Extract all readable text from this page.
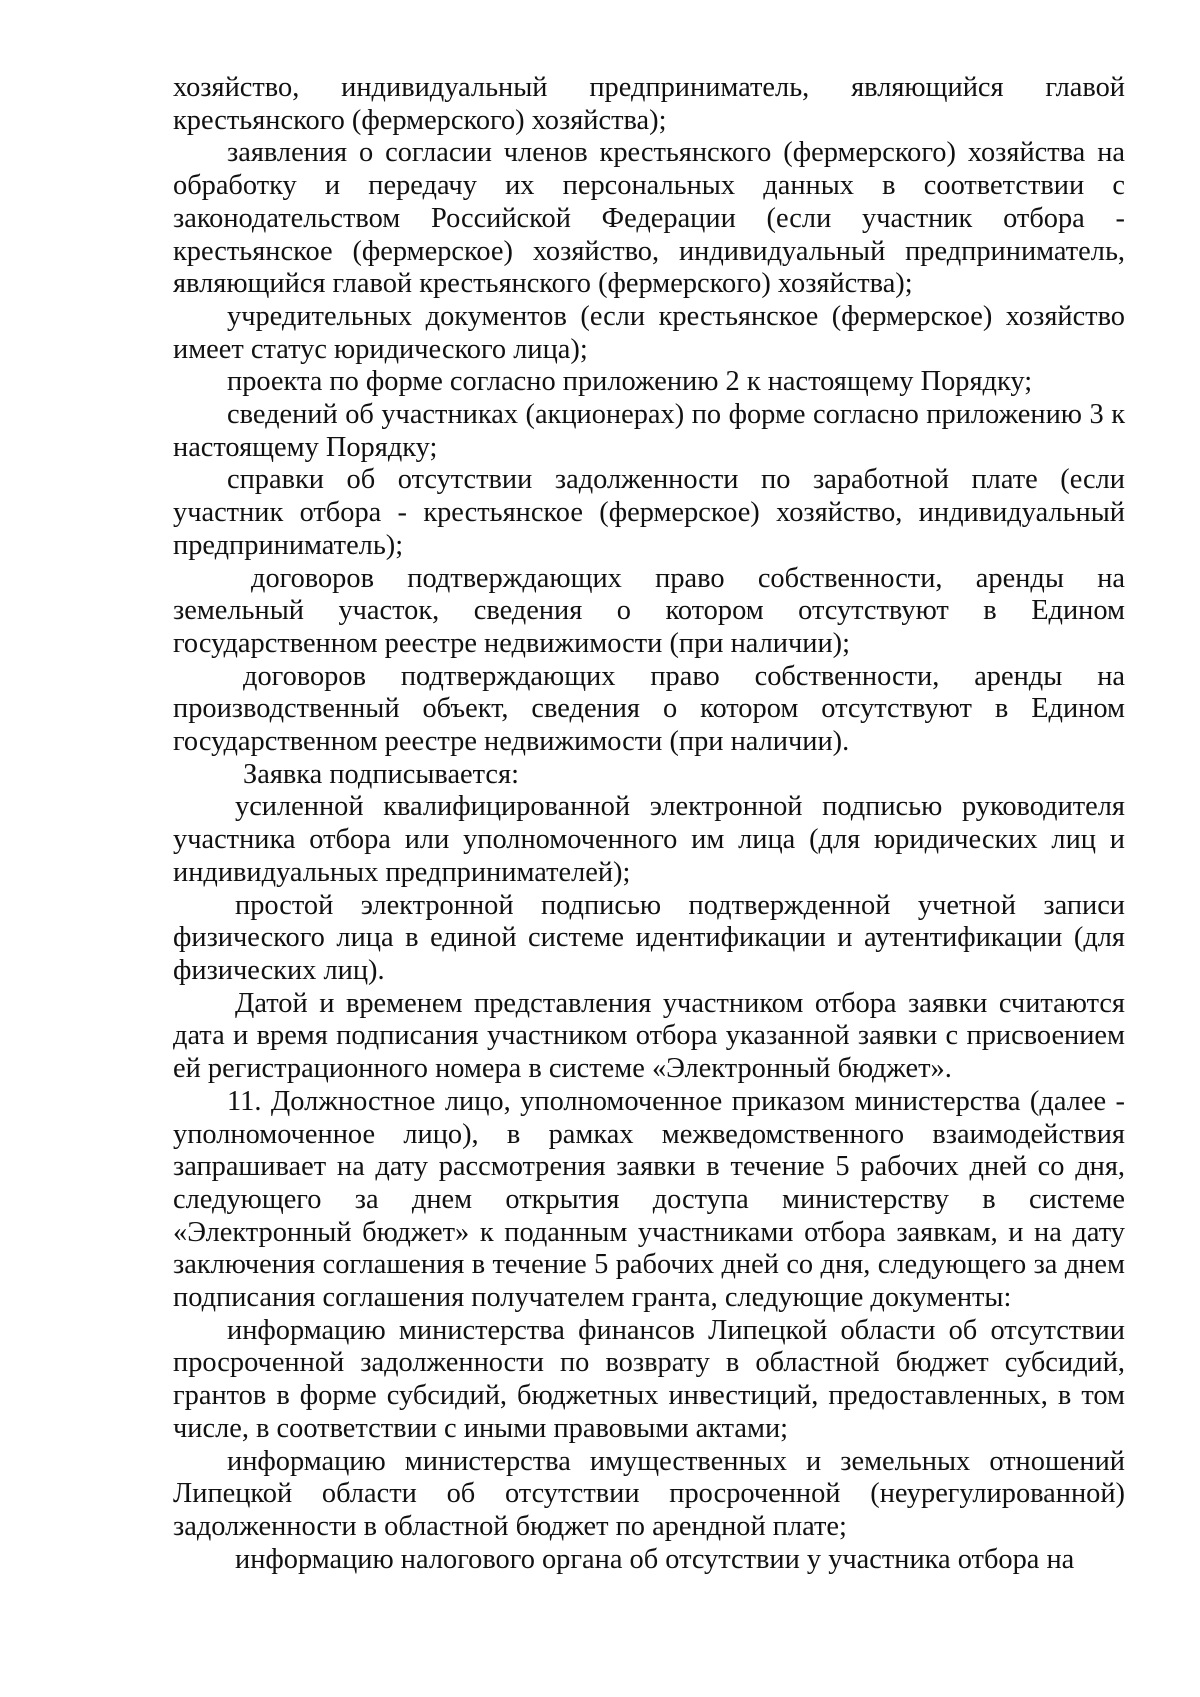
хозяйство, индивидуальный предприниматель, являющийся главой крестьянского (фермерского) хозяйства);

заявления о согласии членов крестьянского (фермерского) хозяйства на обработку и передачу их персональных данных в соответствии с законодательством Российской Федерации (если участник отбора - крестьянское (фермерское) хозяйство, индивидуальный предприниматель, являющийся главой крестьянского (фермерского) хозяйства);

учредительных документов (если крестьянское (фермерское) хозяйство имеет статус юридического лица);

проекта по форме согласно приложению 2 к настоящему Порядку;

сведений об участниках (акционерах) по форме согласно приложению 3 к настоящему Порядку;

справки об отсутствии задолженности по заработной плате (если участник отбора - крестьянское (фермерское) хозяйство, индивидуальный предприниматель);

договоров подтверждающих право собственности, аренды на земельный участок, сведения о котором отсутствуют в Едином государственном реестре недвижимости (при наличии);

договоров подтверждающих право собственности, аренды на производственный объект, сведения о котором отсутствуют в Едином государственном реестре недвижимости (при наличии).

Заявка подписывается:

усиленной квалифицированной электронной подписью руководителя участника отбора или уполномоченного им лица (для юридических лиц и индивидуальных предпринимателей);

простой электронной подписью подтвержденной учетной записи физического лица в единой системе идентификации и аутентификации (для физических лиц).

Датой и временем представления участником отбора заявки считаются дата и время подписания участником отбора указанной заявки с присвоением ей регистрационного номера в системе «Электронный бюджет».

11. Должностное лицо, уполномоченное приказом министерства (далее - уполномоченное лицо), в рамках межведомственного взаимодействия запрашивает на дату рассмотрения заявки в течение 5 рабочих дней со дня, следующего за днем открытия доступа министерству в системе «Электронный бюджет» к поданным участниками отбора заявкам, и на дату заключения соглашения в течение 5 рабочих дней со дня, следующего за днем подписания соглашения получателем гранта, следующие документы:

информацию министерства финансов Липецкой области об отсутствии просроченной задолженности по возврату в областной бюджет субсидий, грантов в форме субсидий, бюджетных инвестиций, предоставленных, в том числе, в соответствии с иными правовыми актами;

информацию министерства имущественных и земельных отношений Липецкой области об отсутствии просроченной (неурегулированной) задолженности в областной бюджет по арендной плате;

информацию налогового органа об отсутствии у участника отбора на
